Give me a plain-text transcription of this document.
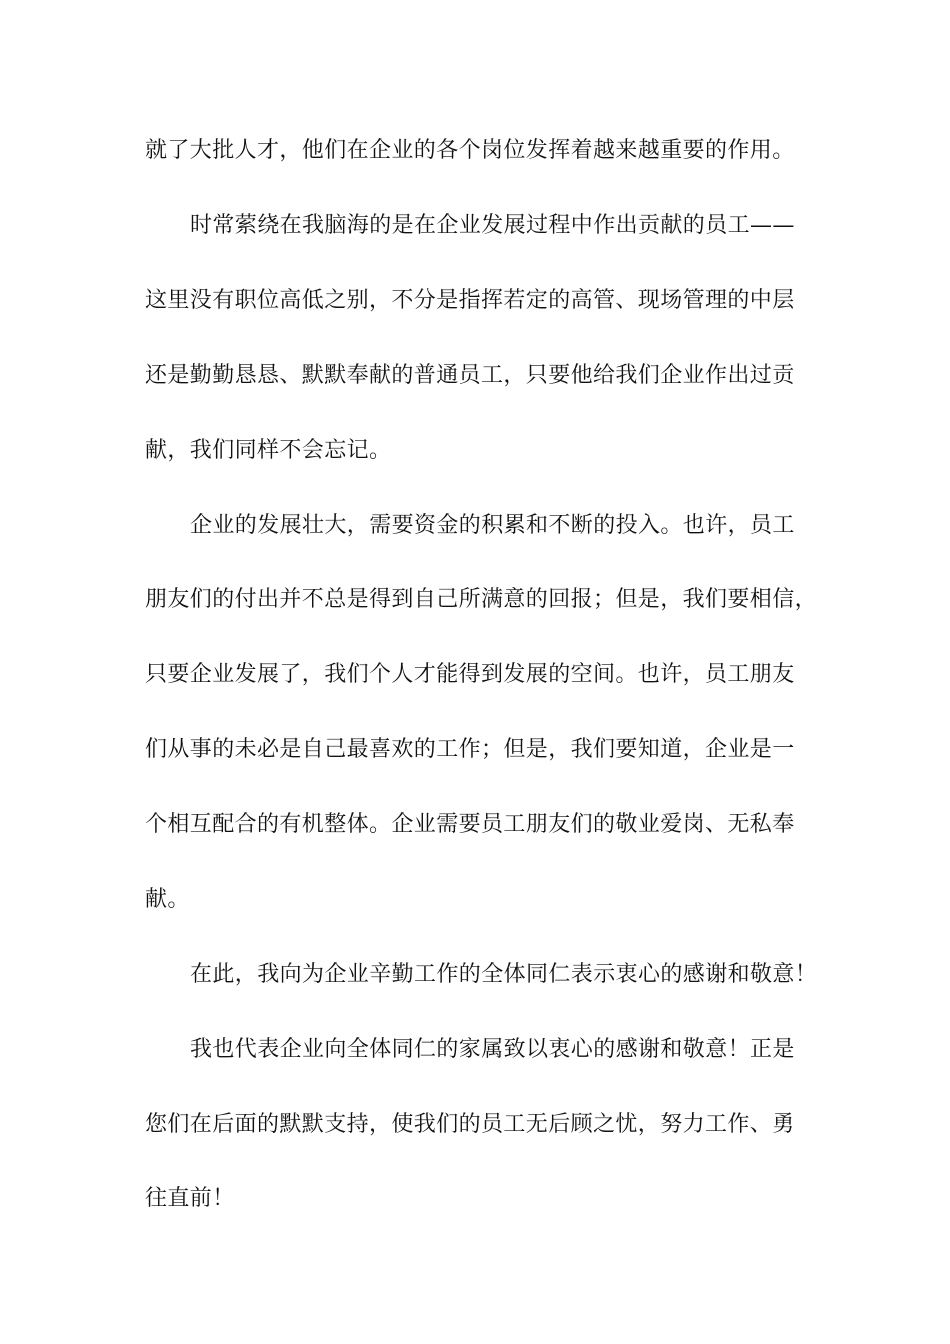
就了大批人才，他们在企业的各个岗位发挥着越来越重要的作用。
时常萦绕在我脑海的是在企业发展过程中作出贡献的员工——
这里没有职位高低之别，不分是指挥若定的高管、现场管理的中层
还是勤勤恳恳、默默奉献的普通员工，只要他给我们企业作出过贡
献，我们同样不会忘记。
企业的发展壮大，需要资金的积累和不断的投入。也许，员工
朋友们的付出并不总是得到自己所满意的回报；但是，我们要相信，
只要企业发展了，我们个人才能得到发展的空间。也许，员工朋友
们从事的未必是自己最喜欢的工作；但是，我们要知道，企业是一
个相互配合的有机整体。企业需要员工朋友们的敬业爱岗、无私奉
献。
在此，我向为企业辛勤工作的全体同仁表示衷心的感谢和敬意！
我也代表企业向全体同仁的家属致以衷心的感谢和敬意！正是
您们在后面的默默支持，使我们的员工无后顾之忧，努力工作、勇
往直前！
